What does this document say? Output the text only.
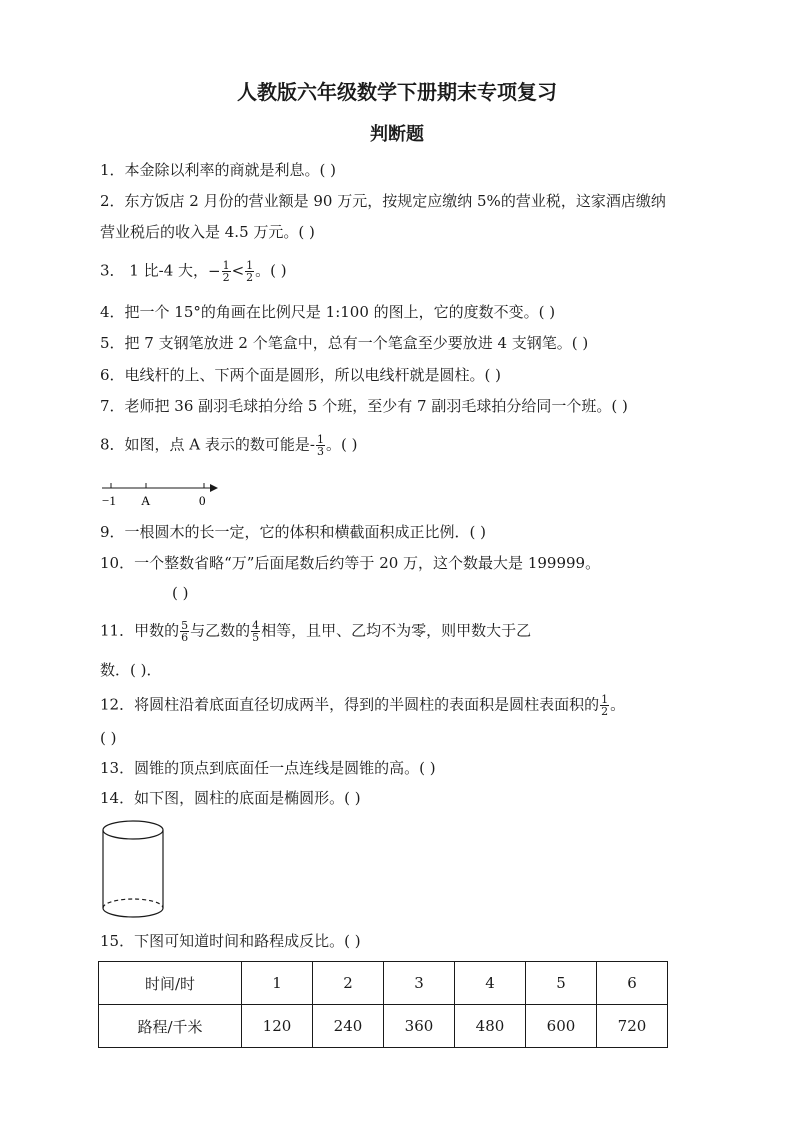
人教版六年级数学下册期末专项复习
判断题
1．本金除以利率的商就是利息。( )
2．东方饭店 2 月份的营业额是 90 万元，按规定应缴纳 5%的营业税，这家酒店缴纳
营业税后的收入是 4.5 万元。( )
3． 1 比-4 大，− $\frac{1}{2} < \frac{1}{2}$ 。( )
4．把一个 15°的角画在比例尺是 1:100 的图上，它的度数不变。( )
5．把 7 支钢笔放进 2 个笔盒中，总有一个笔盒至少要放进 4 支钢笔。( )
6．电线杆的上、下两个面是圆形，所以电线杆就是圆柱。( )
7．老师把 36 副羽毛球拍分给 5 个班，至少有 7 副羽毛球拍分给同一个班。( )
8．如图，点 A 表示的数可能是- $\frac{1}{3}$ 。( )
−1 A	0
9．一根圆木的长一定，它的体积和横截面积成正比例．( )
10．一个整数省略“万”后面尾数后约等于 20 万，这个数最大是 199999。
( )
11．甲数的 $\frac{5}{6}$ 与乙数的 $\frac{4}{5}$ 相等，且甲、乙均不为零，则甲数大于乙
数．( )．
12．将圆柱沿着底面直径切成两半，得到的半圆柱的表面积是圆柱表面积的 $\frac{1}{2}$ 。
( )
13．圆锥的顶点到底面任一点连线是圆锥的高。( )
14．如下图，圆柱的底面是椭圆形。( )
15．下图可知道时间和路程成反比。( )
时间/时	1	2	3	4	5	6
路程/千米	120	240	360	480	600	720
